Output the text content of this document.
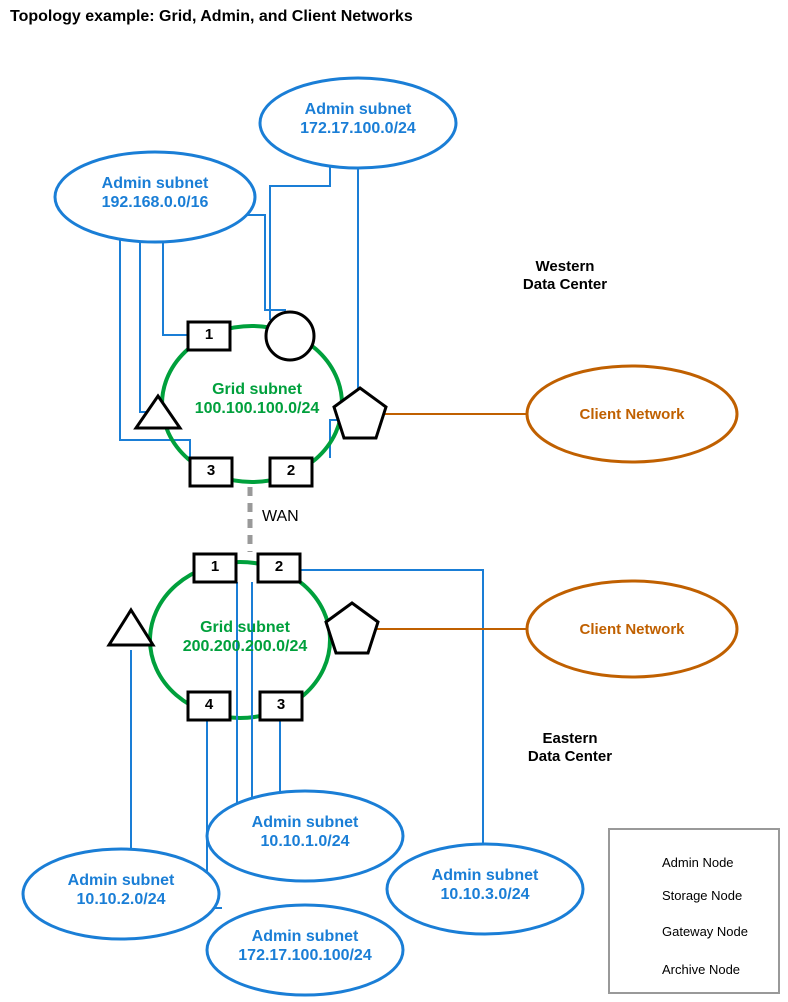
Topology example: Grid, Admin, and Client Networks
Admin subnet
172.17.100.0/24
Admin subnet
192.168.0.0/16
Western
Data Center
Grid subnet
100.100.100.0/24	Client Network
WAN
Grid subnet
200.200.200.0/24
Client Network
Eastern
Data Center
Admin subnet
10.10.1.0/24
Admin subnet
10.10.2.0/24
Admin subnet
172.17.100.100/24
Admin subnet
10.10.3.0/24
1
3	2
1	2
4	3
Admin Node
Storage Node
Gateway Node
Archive Node
